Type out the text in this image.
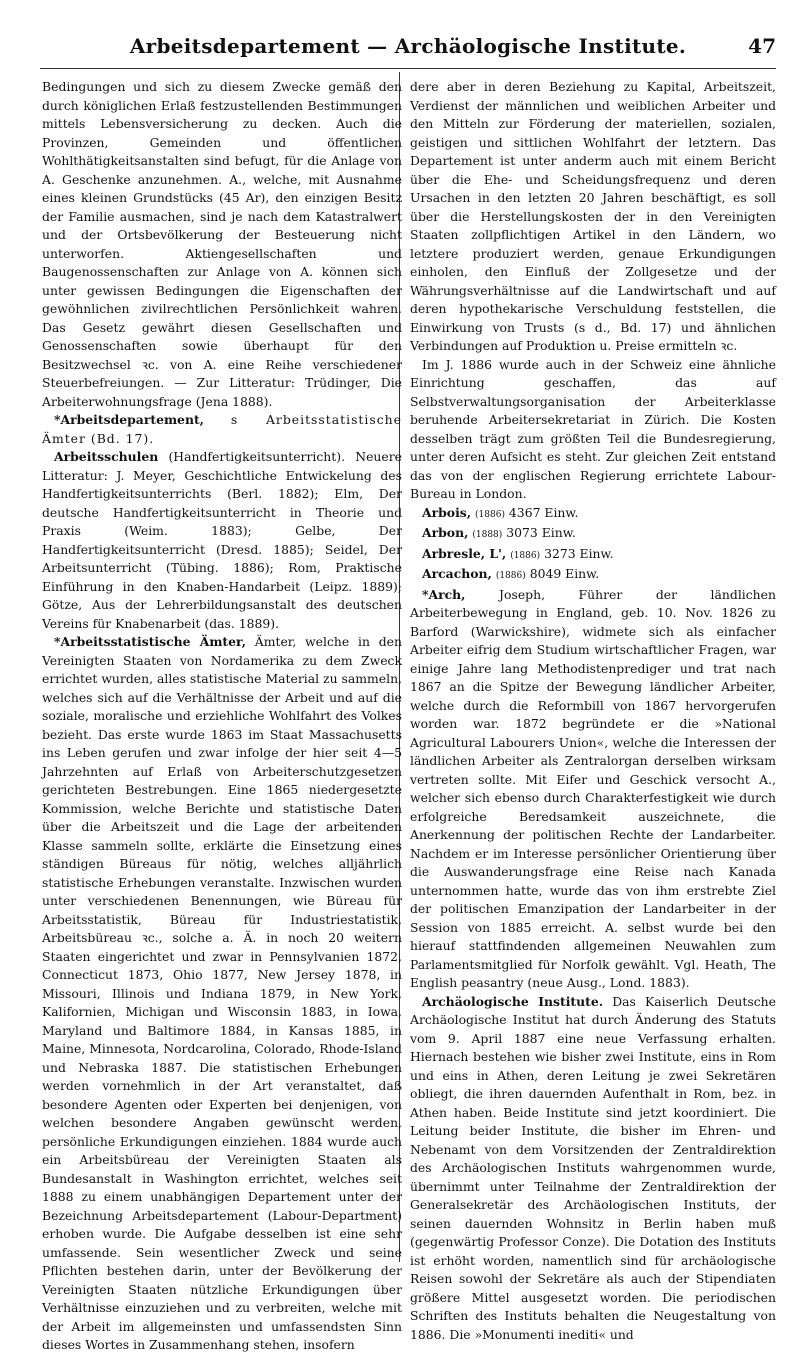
Arbeitsdepartement — Archäologische Institute.	47

Bedingungen und sich zu diesem Zwecke gemäß den durch königlichen Erlaß festzustellenden Bestimmungen mittels Lebensversicherung zu decken. Auch die Provinzen, Gemeinden und öffentlichen Wohlthätigkeitsanstalten sind befugt, für die Anlage von A. Geschenke anzunehmen. A., welche, mit Ausnahme eines kleinen Grundstücks (45 Ar), den einzigen Besitz der Familie ausmachen, sind je nach dem Katastralwert und der Ortsbevölkerung der Besteuerung nicht unterworfen. Aktiengesellschaften und Baugenossenschaften zur Anlage von A. können sich unter gewissen Bedingungen die Eigenschaften der gewöhnlichen zivilrechtlichen Persönlichkeit wahren. Das Gesetz gewährt diesen Gesellschaften und Genossenschaften sowie überhaupt für den Besitzwechsel ꝛc. von A. eine Reihe verschiedener Steuerbefreiungen. — Zur Litteratur: Trüdinger, Die Arbeiterwohnungsfrage (Jena 1888).

*Arbeitsdepartement, s Arbeitsstatistische Ämter (Bd. 17).

Arbeitsschulen (Handfertigkeitsunterricht). Neuere Litteratur: J. Meyer, Geschichtliche Entwickelung des Handfertigkeitsunterrichts (Berl. 1882); Elm, Der deutsche Handfertigkeitsunterricht in Theorie und Praxis (Weim. 1883); Gelbe, Der Handfertigkeitsunterricht (Dresd. 1885); Seidel, Der Arbeitsunterricht (Tübing. 1886); Rom, Praktische Einführung in den Knaben-Handarbeit (Leipz. 1889); Götze, Aus der Lehrerbildungsanstalt des deutschen Vereins für Knabenarbeit (das. 1889).

*Arbeitsstatistische Ämter, Ämter, welche in den Vereinigten Staaten von Nordamerika zu dem Zweck errichtet wurden, alles statistische Material zu sammeln, welches sich auf die Verhältnisse der Arbeit und auf die soziale, moralische und erziehliche Wohlfahrt des Volkes bezieht. Das erste wurde 1863 im Staat Massachusetts ins Leben gerufen und zwar infolge der hier seit 4—5 Jahrzehnten auf Erlaß von Arbeiterschutzgesetzen gerichteten Bestrebungen. Eine 1865 niedergesetzte Kommission, welche Berichte und statistische Daten über die Arbeitszeit und die Lage der arbeitenden Klasse sammeln sollte, erklärte die Einsetzung eines ständigen Büreaus für nötig, welches alljährlich statistische Erhebungen veranstalte. Inzwischen wurden unter verschiedenen Benennungen, wie Büreau für Arbeitsstatistik, Büreau für Industriestatistik, Arbeitsbüreau ꝛc., solche a. Ä. in noch 20 weitern Staaten eingerichtet und zwar in Pennsylvanien 1872, Connecticut 1873, Ohio 1877, New Jersey 1878, in Missouri, Illinois und Indiana 1879, in New York, Kalifornien, Michigan und Wisconsin 1883, in Iowa, Maryland und Baltimore 1884, in Kansas 1885, in Maine, Minnesota, Nordcarolina, Colorado, Rhode-Island und Nebraska 1887. Die statistischen Erhebungen werden vornehmlich in der Art veranstaltet, daß besondere Agenten oder Experten bei denjenigen, von welchen besondere Angaben gewünscht werden, persönliche Erkundigungen einziehen. 1884 wurde auch ein Arbeitsbüreau der Vereinigten Staaten als Bundesanstalt in Washington errichtet, welches seit 1888 zu einem unabhängigen Departement unter der Bezeichnung Arbeitsdepartement (Labour-Department) erhoben wurde. Die Aufgabe desselben ist eine sehr umfassende. Sein wesentlicher Zweck und seine Pflichten bestehen darin, unter der Bevölkerung der Vereinigten Staaten nützliche Erkundigungen über Verhältnisse einzuziehen und zu verbreiten, welche mit der Arbeit im allgemeinsten und umfassendsten Sinn dieses Wortes in Zusammenhang stehen, insofern

dere aber in deren Beziehung zu Kapital, Arbeitszeit, Verdienst der männlichen und weiblichen Arbeiter und den Mitteln zur Förderung der materiellen, sozialen, geistigen und sittlichen Wohlfahrt der letztern. Das Departement ist unter anderm auch mit einem Bericht über die Ehe- und Scheidungsfrequenz und deren Ursachen in den letzten 20 Jahren beschäftigt, es soll über die Herstellungskosten der in den Vereinigten Staaten zollpflichtigen Artikel in den Ländern, wo letztere produziert werden, genaue Erkundigungen einholen, den Einfluß der Zollgesetze und der Währungsverhältnisse auf die Landwirtschaft und auf deren hypothekarische Verschuldung feststellen, die Einwirkung von Trusts (s d., Bd. 17) und ähnlichen Verbindungen auf Produktion u. Preise ermitteln ꝛc.

Im J. 1886 wurde auch in der Schweiz eine ähnliche Einrichtung geschaffen, das auf Selbstverwaltungsorganisation der Arbeiterklasse beruhende Arbeitersekretariat in Zürich. Die Kosten desselben trägt zum größten Teil die Bundesregierung, unter deren Aufsicht es steht. Zur gleichen Zeit entstand das von der englischen Regierung errichtete Labour-Bureau in London.

Arbois, (1886) 4367 Einw.

Arbon, (1888) 3073 Einw.

Arbresle, L', (1886) 3273 Einw.

Arcachon, (1886) 8049 Einw.

*Arch,	Joseph, Führer der ländlichen Arbeiterbewegung in England, geb. 10. Nov. 1826 zu Barford (Warwickshire), widmete sich als einfacher Arbeiter eifrig dem Studium wirtschaftlicher Fragen, war einige Jahre lang Methodistenprediger und trat nach 1867 an die Spitze der Bewegung ländlicher Arbeiter, welche durch die Reformbill von 1867 hervorgerufen worden war. 1872 begründete er die »National Agricultural Labourers Union«, welche die Interessen der ländlichen Arbeiter als Zentralorgan derselben wirksam vertreten sollte. Mit Eifer und Geschick versocht A., welcher sich ebenso durch Charakterfestigkeit wie durch erfolgreiche Beredsamkeit auszeichnete, die Anerkennung der politischen Rechte der Landarbeiter. Nachdem er im Interesse persönlicher Orientierung über die Auswanderungsfrage eine Reise nach Kanada unternommen hatte, wurde das von ihm erstrebte Ziel der politischen Emanzipation der Landarbeiter in der Session von 1885 erreicht. A. selbst wurde bei den hierauf stattfindenden allgemeinen Neuwahlen zum Parlamentsmitglied für Norfolk gewählt. Vgl. Heath, The English peasantry (neue Ausg., Lond. 1883).

Archäologische Institute. Das Kaiserlich Deutsche Archäologische Institut hat durch Änderung des Statuts vom 9. April 1887 eine neue Verfassung erhalten. Hiernach bestehen wie bisher zwei Institute, eins in Rom und eins in Athen, deren Leitung je zwei Sekretären obliegt, die ihren dauernden Aufenthalt in Rom, bez. in Athen haben. Beide Institute sind jetzt koordiniert. Die Leitung beider Institute, die bisher im Ehren- und Nebenamt von dem Vorsitzenden der Zentraldirektion des Archäologischen Instituts wahrgenommen wurde, übernimmt unter Teilnahme der Zentraldirektion der Generalsekretär des Archäologischen Instituts, der seinen dauernden Wohnsitz in Berlin haben muß (gegenwärtig Professor Conze). Die Dotation des Instituts ist erhöht worden, namentlich sind für archäologische Reisen sowohl der Sekretäre als auch der Stipendiaten größere Mittel ausgesetzt worden. Die periodischen Schriften des Instituts behalten die Neugestaltung von 1886. Die »Monumenti inediti« und
